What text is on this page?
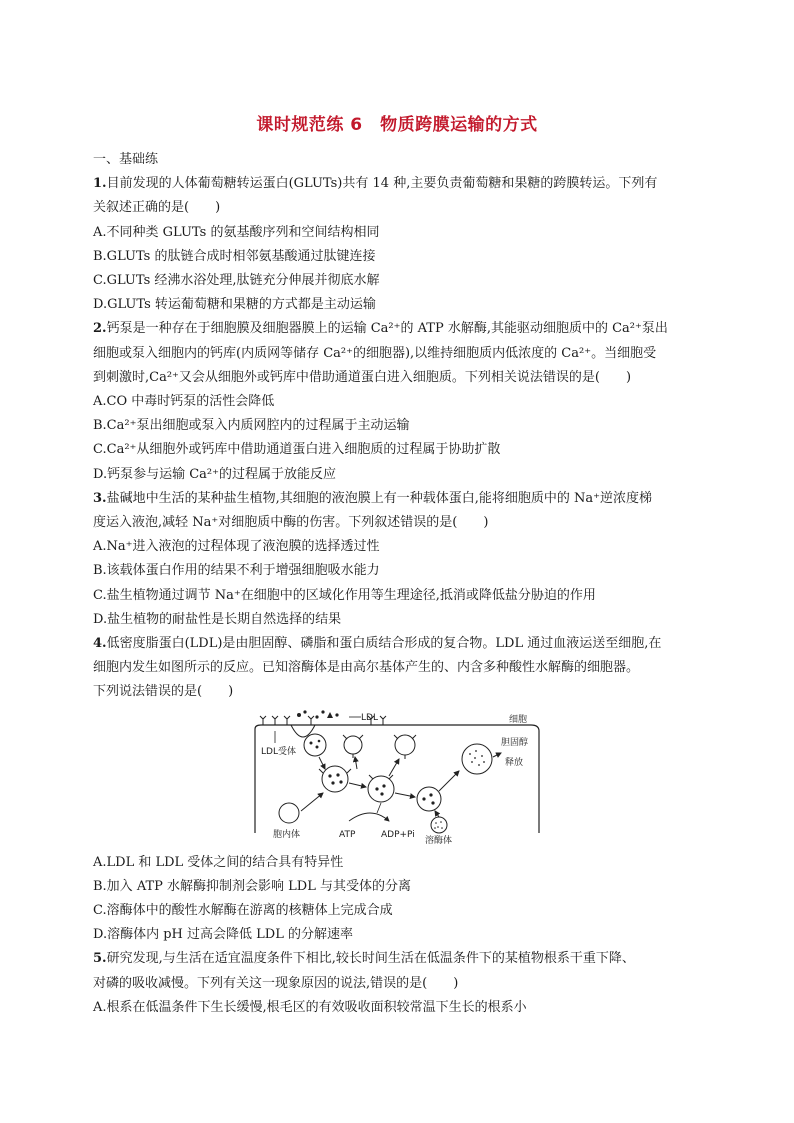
课时规范练 6　物质跨膜运输的方式
一、基础练
1.目前发现的人体葡萄糖转运蛋白(GLUTs)共有 14 种,主要负责葡萄糖和果糖的跨膜转运。下列有
关叙述正确的是(　　)
A.不同种类 GLUTs 的氨基酸序列和空间结构相同
B.GLUTs 的肽链合成时相邻氨基酸通过肽键连接
C.GLUTs 经沸水浴处理,肽链充分伸展并彻底水解
D.GLUTs 转运葡萄糖和果糖的方式都是主动运输
2.钙泵是一种存在于细胞膜及细胞器膜上的运输 Ca²⁺的 ATP 水解酶,其能驱动细胞质中的 Ca²⁺泵出
细胞或泵入细胞内的钙库(内质网等储存 Ca²⁺的细胞器),以维持细胞质内低浓度的 Ca²⁺。当细胞受
到刺激时,Ca²⁺又会从细胞外或钙库中借助通道蛋白进入细胞质。下列相关说法错误的是(　　)
A.CO 中毒时钙泵的活性会降低
B.Ca²⁺泵出细胞或泵入内质网腔内的过程属于主动运输
C.Ca²⁺从细胞外或钙库中借助通道蛋白进入细胞质的过程属于协助扩散
D.钙泵参与运输 Ca²⁺的过程属于放能反应
3.盐碱地中生活的某种盐生植物,其细胞的液泡膜上有一种载体蛋白,能将细胞质中的 Na⁺逆浓度梯
度运入液泡,减轻 Na⁺对细胞质中酶的伤害。下列叙述错误的是(　　)
A.Na⁺进入液泡的过程体现了液泡膜的选择透过性
B.该载体蛋白作用的结果不利于增强细胞吸水能力
C.盐生植物通过调节 Na⁺在细胞中的区域化作用等生理途径,抵消或降低盐分胁迫的作用
D.盐生植物的耐盐性是长期自然选择的结果
4.低密度脂蛋白(LDL)是由胆固醇、磷脂和蛋白质结合形成的复合物。LDL 通过血液运送至细胞,在
细胞内发生如图所示的反应。已知溶酶体是由高尔基体产生的、内含多种酸性水解酶的细胞器。
下列说法错误的是(　　)
LDL	细胞
LDL受体
胞内体	ATP	ADP+Pi
溶酶体
胆固醇
释放
A.LDL 和 LDL 受体之间的结合具有特异性
B.加入 ATP 水解酶抑制剂会影响 LDL 与其受体的分离
C.溶酶体中的酸性水解酶在游离的核糖体上完成合成
D.溶酶体内 pH 过高会降低 LDL 的分解速率
5.研究发现,与生活在适宜温度条件下相比,较长时间生活在低温条件下的某植物根系干重下降、
对磷的吸收减慢。下列有关这一现象原因的说法,错误的是(　　)
A.根系在低温条件下生长缓慢,根毛区的有效吸收面积较常温下生长的根系小
